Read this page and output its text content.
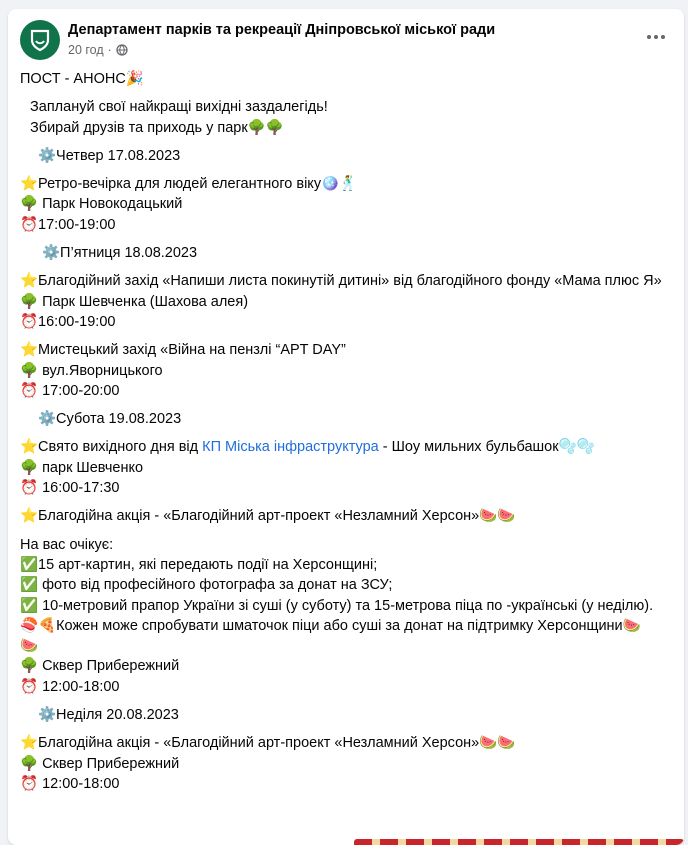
Департамент парків та рекреації Дніпровської міської ради
20 год ·
ПОСТ - АНОНС🎉
Заплануй свої найкращі вихідні заздалегідь!
Збирай друзів та приходь у парк🌳🌳
⚙️Четвер 17.08.2023
⭐Ретро-вечірка для людей елегантного віку🪩🕺
🌳 Парк Новокодацький
⏰17:00-19:00
⚙️П’ятниця 18.08.2023
⭐Благодійний захід «Напиши листа покинутій дитині» від благодійного фонду «Мама плюс Я»
🌳 Парк Шевченка (Шахова алея)
⏰16:00-19:00
⭐Мистецький захід «Війна на пензлі “APT DAY”
🌳 вул.Яворницького
⏰ 17:00-20:00
⚙️Субота 19.08.2023
⭐Свято вихідного дня від КП Міська інфраструктура - Шоу мильних бульбашок🫧🫧
🌳 парк Шевченко
⏰ 16:00-17:30
⭐Благодійна акція - «Благодійний арт-проект «Незламний Херсон»🍉🍉
На вас очікує:
✅15 арт-картин, які передають події на Херсонщині;
✅ фото від професійного фотографа за донат на ЗСУ;
✅ 10-метровий прапор України зі суші (у суботу) та 15-метрова піца по -українські (у неділю).
🍣🍕Кожен може спробувати шматочок піци або суші за донат на підтримку Херсонщини🍉
🍉
🌳 Сквер Прибережний
⏰ 12:00-18:00
⚙️Неділя 20.08.2023
⭐Благодійна акція - «Благодійний арт-проект «Незламний Херсон»🍉🍉
🌳 Сквер Прибережний
⏰ 12:00-18:00
